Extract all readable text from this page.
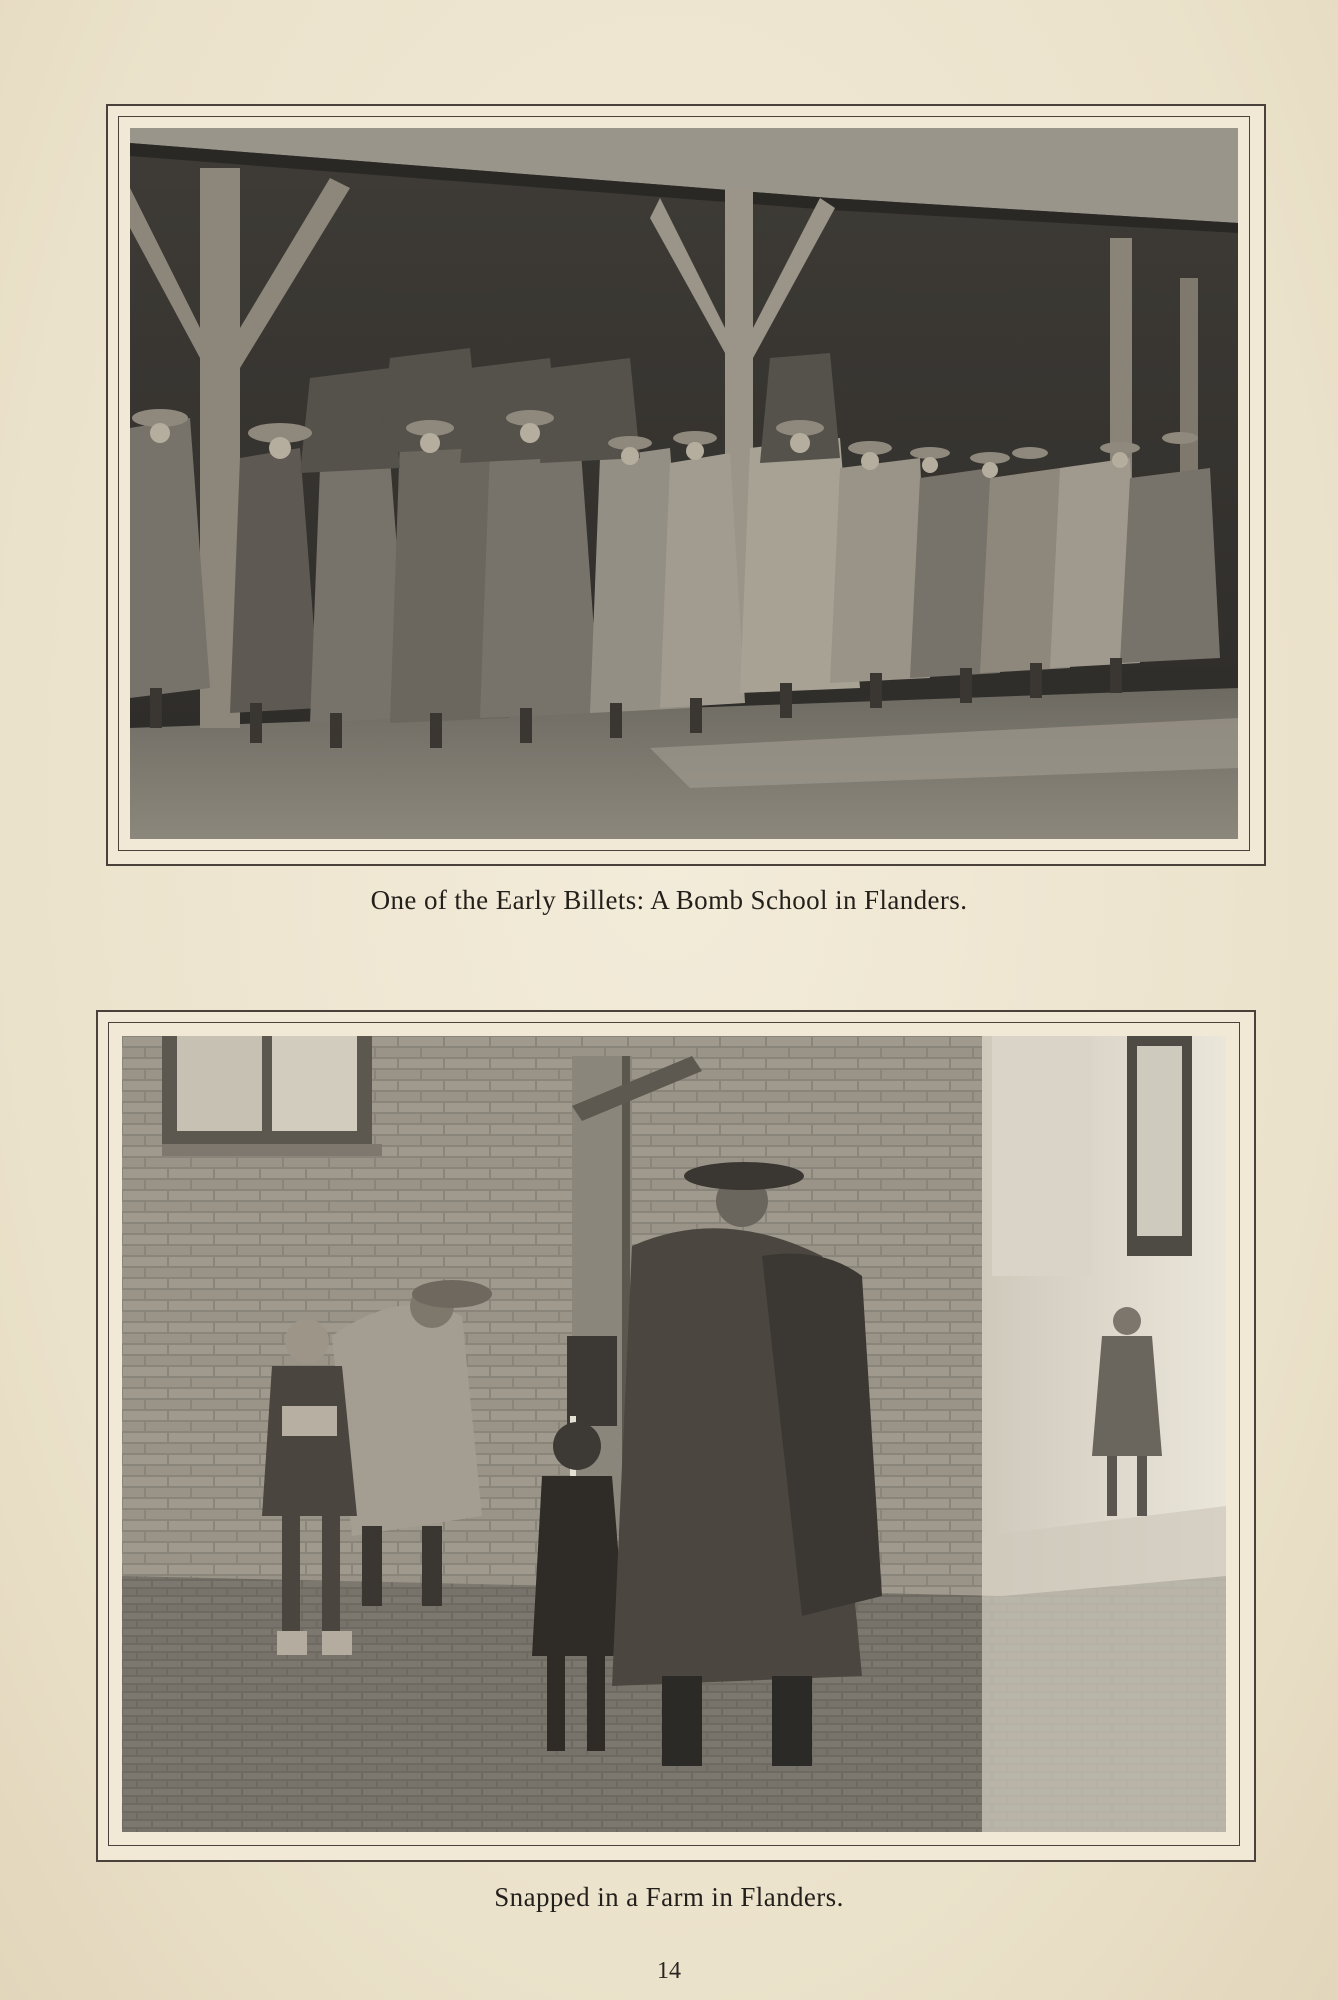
One of the Early Billets: A Bomb School in Flanders.
Snapped in a Farm in Flanders.
14
